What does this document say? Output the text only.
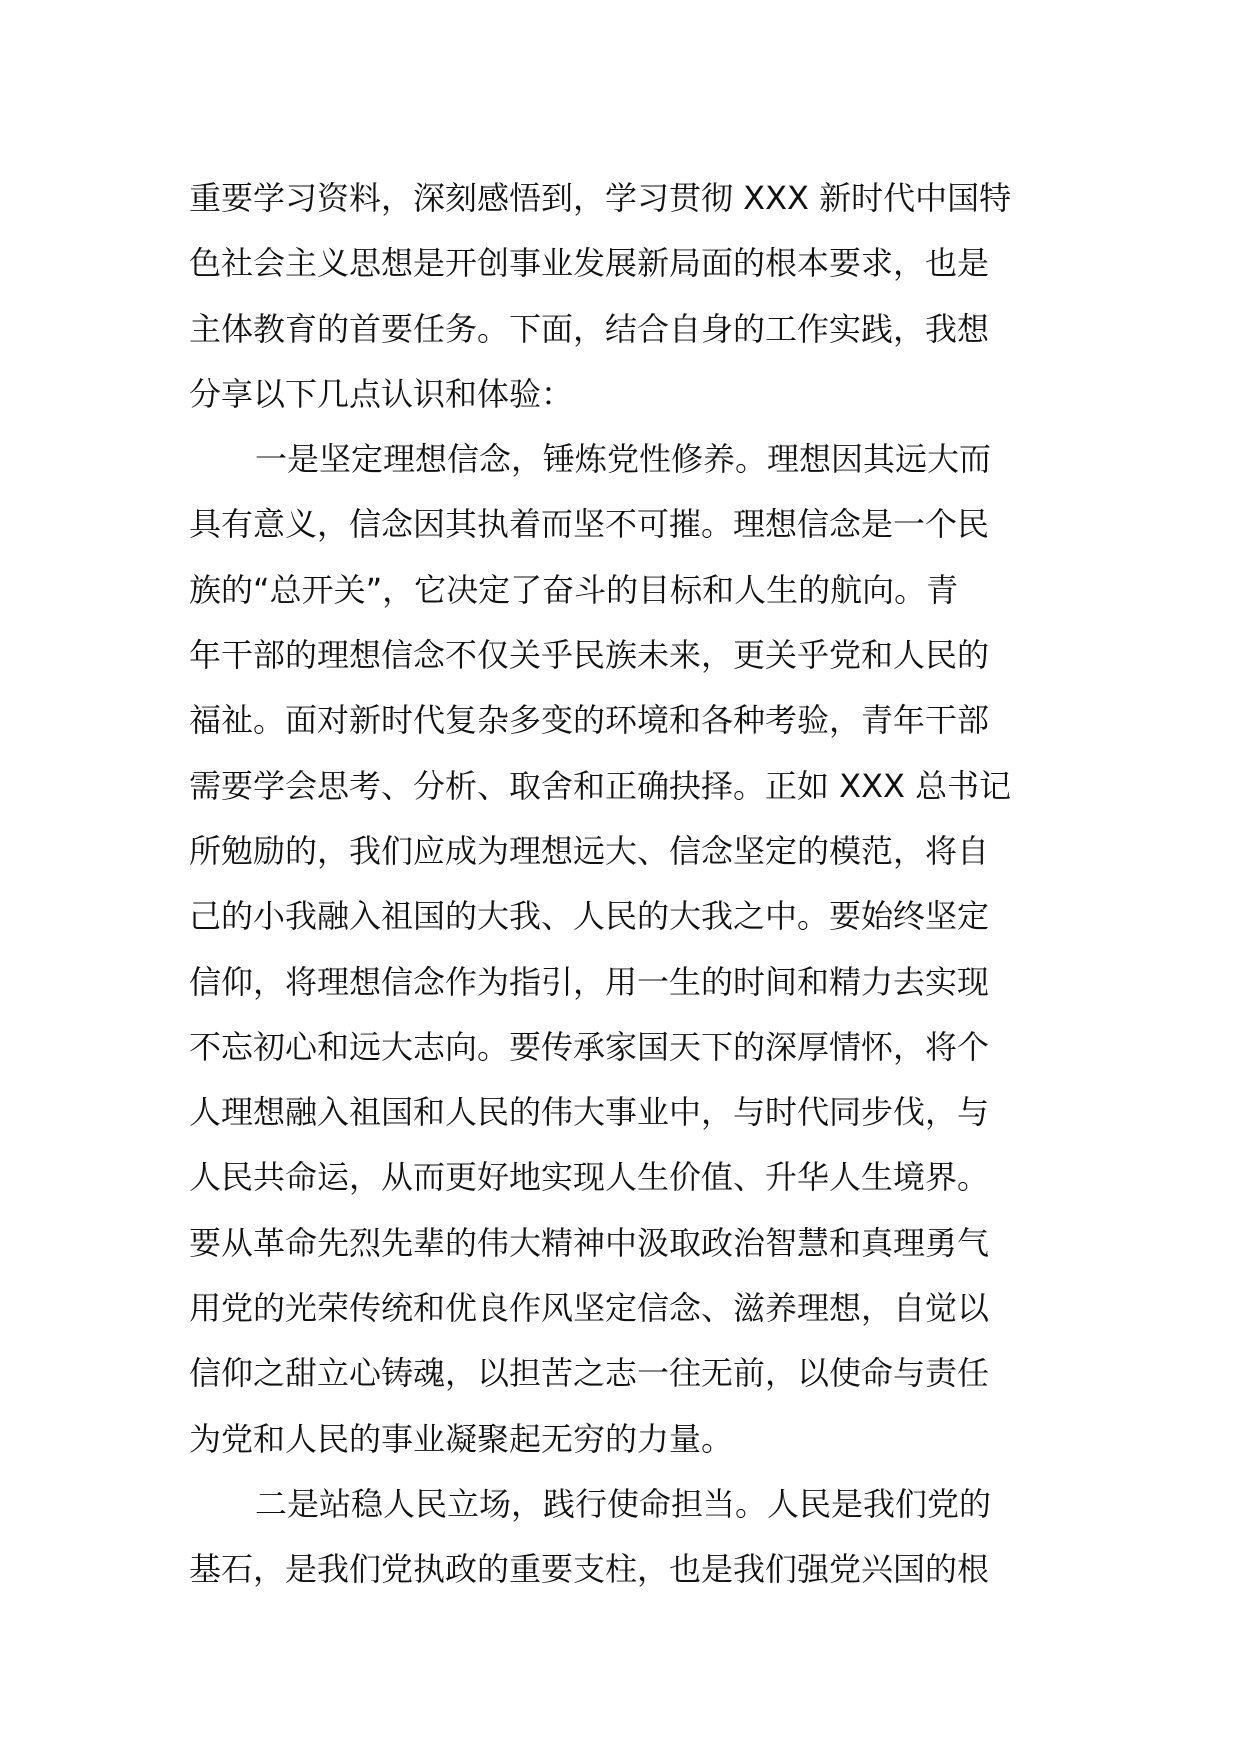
重要学习资料，深刻感悟到，学习贯彻 XXX 新时代中国特
色社会主义思想是开创事业发展新局面的根本要求，也是
主体教育的首要任务。下面，结合自身的工作实践，我想
分享以下几点认识和体验：
一是坚定理想信念，锤炼党性修养。理想因其远大而
具有意义，信念因其执着而坚不可摧。理想信念是一个民
族的“总开关”，它决定了奋斗的目标和人生的航向。青
年干部的理想信念不仅关乎民族未来，更关乎党和人民的
福祉。面对新时代复杂多变的环境和各种考验，青年干部
需要学会思考、分析、取舍和正确抉择。正如 XXX 总书记
所勉励的，我们应成为理想远大、信念坚定的模范，将自
己的小我融入祖国的大我、人民的大我之中。要始终坚定
信仰，将理想信念作为指引，用一生的时间和精力去实现
不忘初心和远大志向。要传承家国天下的深厚情怀，将个
人理想融入祖国和人民的伟大事业中，与时代同步伐，与
人民共命运，从而更好地实现人生价值、升华人生境界。
要从革命先烈先辈的伟大精神中汲取政治智慧和真理勇气
用党的光荣传统和优良作风坚定信念、滋养理想，自觉以
信仰之甜立心铸魂，以担苦之志一往无前，以使命与责任
为党和人民的事业凝聚起无穷的力量。
二是站稳人民立场，践行使命担当。人民是我们党的
基石，是我们党执政的重要支柱，也是我们强党兴国的根
